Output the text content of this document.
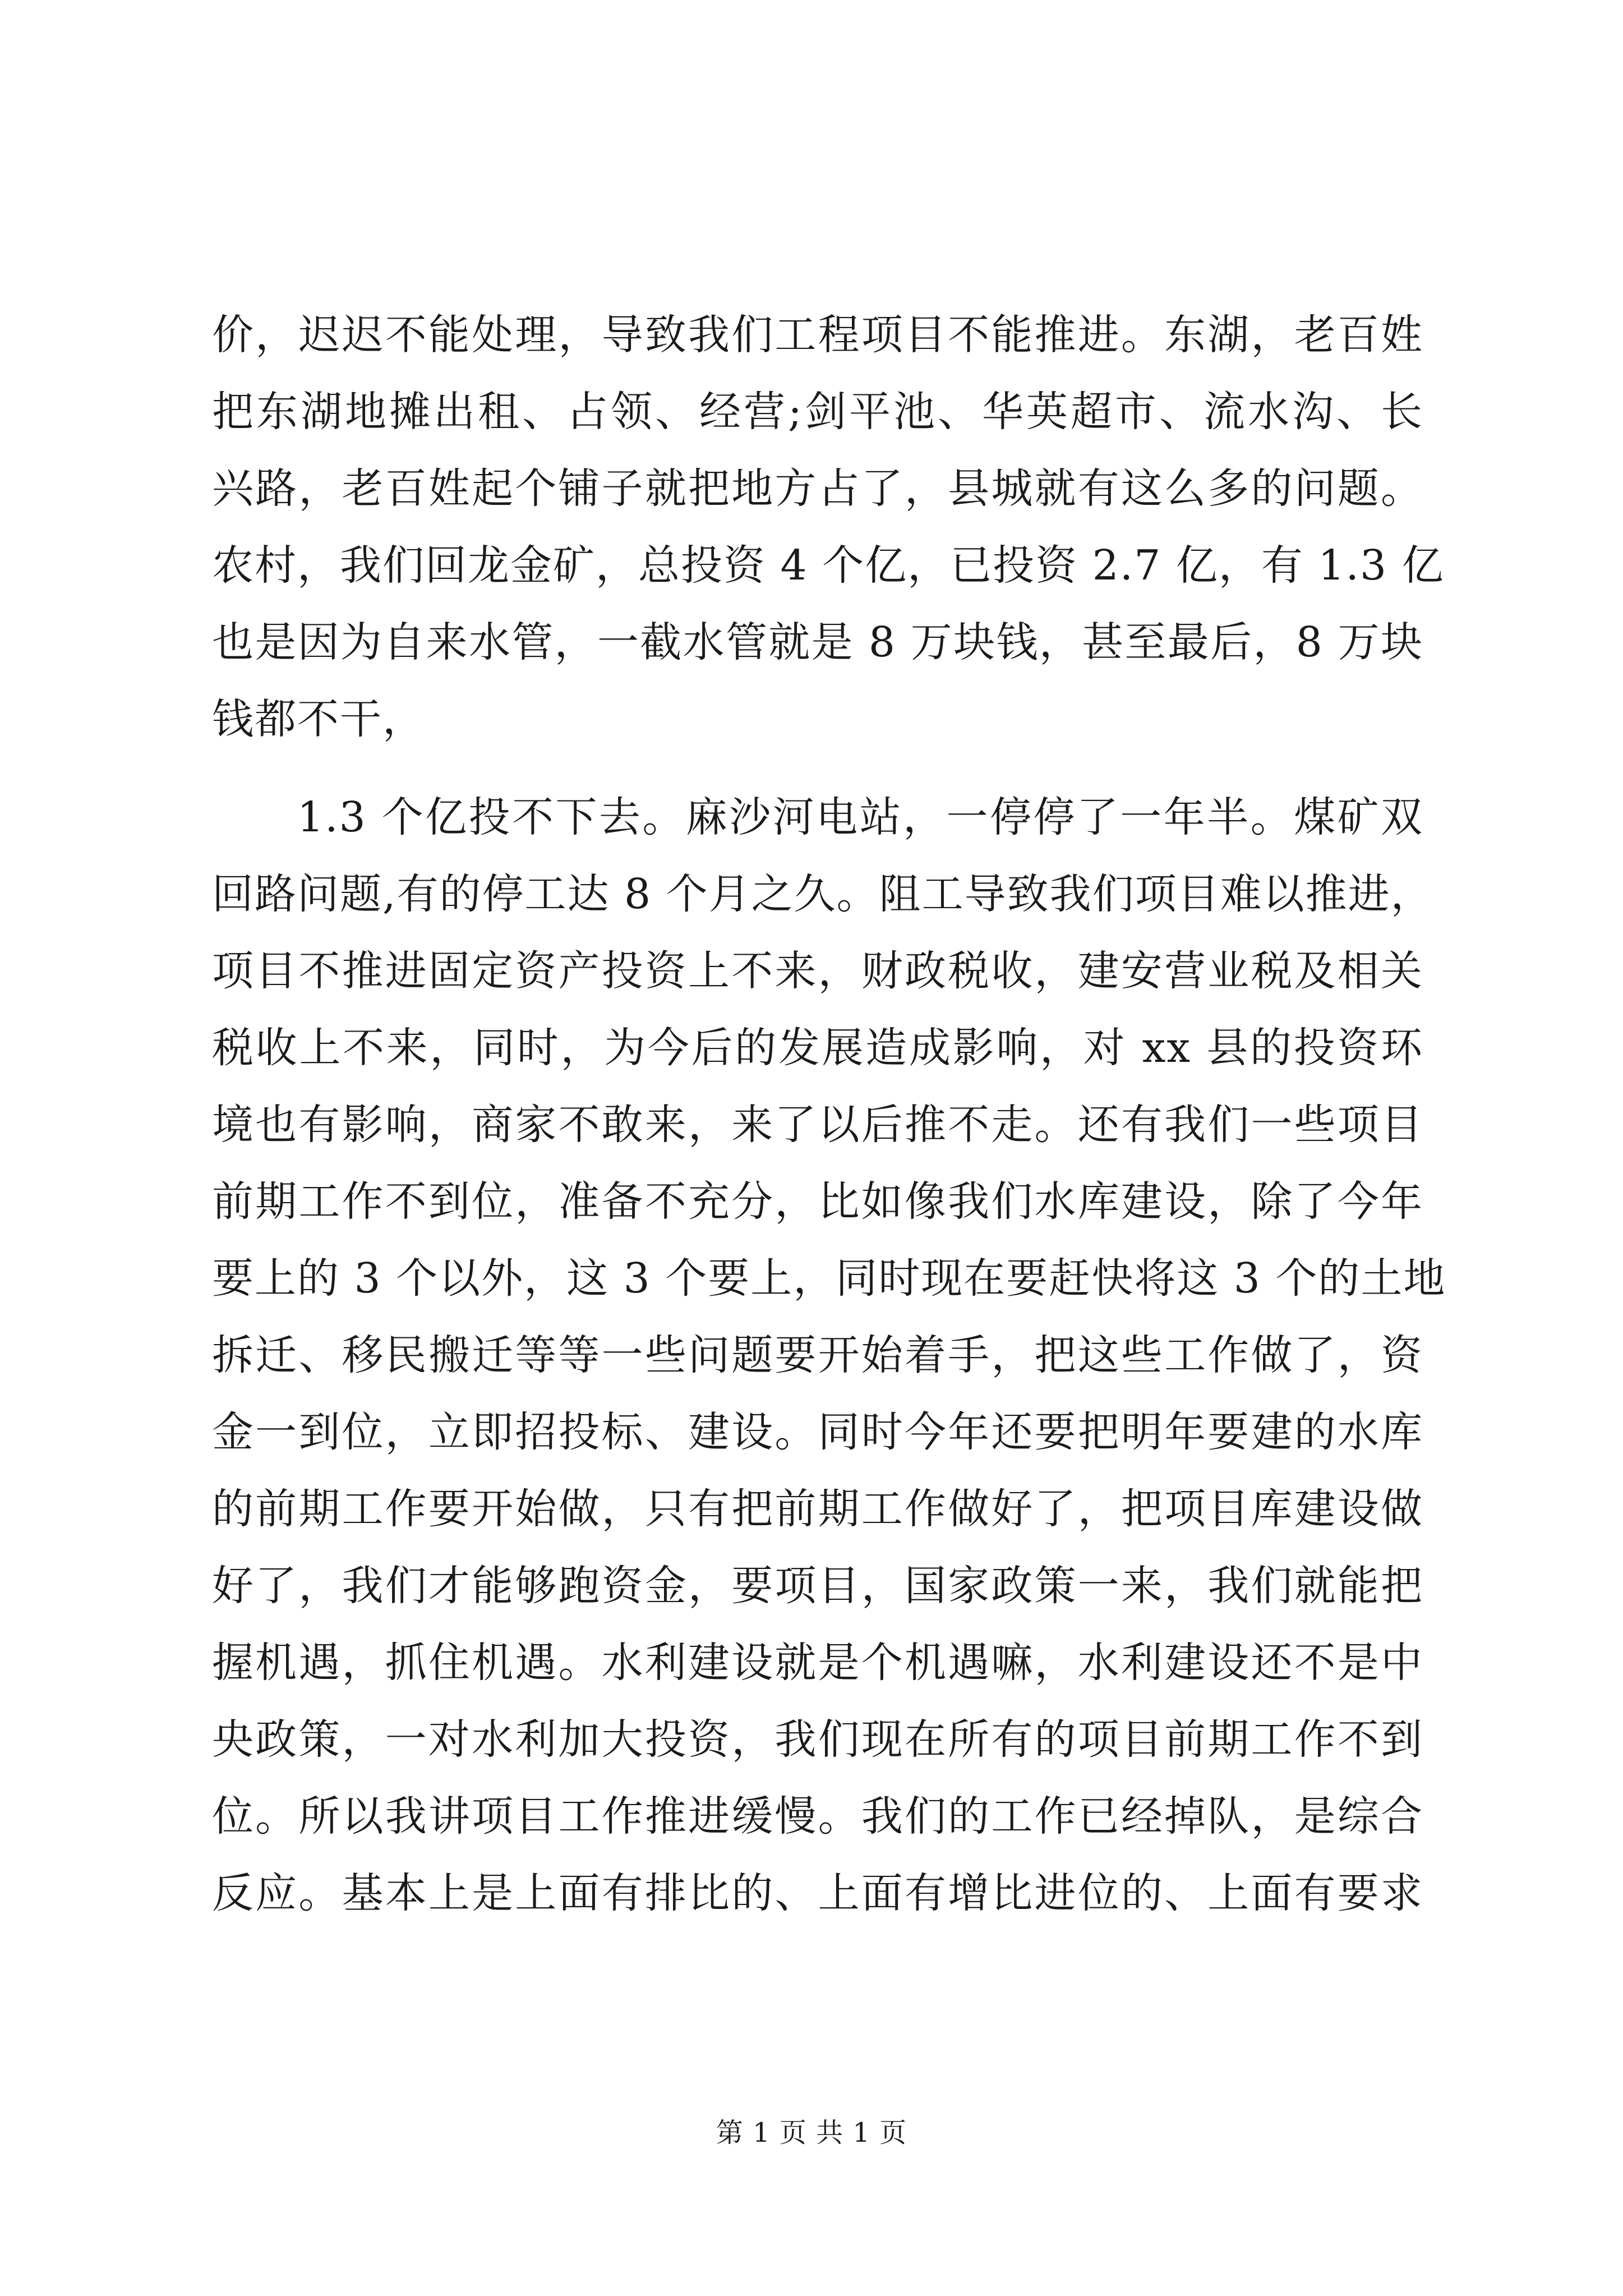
价，迟迟不能处理，导致我们工程项目不能推进。东湖，老百姓
把东湖地摊出租、占领、经营;剑平池、华英超市、流水沟、长
兴路，老百姓起个铺子就把地方占了，县城就有这么多的问题。
农村，我们回龙金矿，总投资 4 个亿，已投资 2.7 亿，有 1.3 亿
也是因为自来水管，一截水管就是 8 万块钱，甚至最后，8 万块
钱都不干，
1.3 个亿投不下去。麻沙河电站，一停停了一年半。煤矿双
回路问题,有的停工达 8 个月之久。阻工导致我们项目难以推进，
项目不推进固定资产投资上不来，财政税收，建安营业税及相关
税收上不来，同时，为今后的发展造成影响，对 xx 县的投资环
境也有影响，商家不敢来，来了以后推不走。还有我们一些项目
前期工作不到位，准备不充分，比如像我们水库建设，除了今年
要上的 3 个以外，这 3 个要上，同时现在要赶快将这 3 个的土地
拆迁、移民搬迁等等一些问题要开始着手，把这些工作做了，资
金一到位，立即招投标、建设。同时今年还要把明年要建的水库
的前期工作要开始做，只有把前期工作做好了，把项目库建设做
好了，我们才能够跑资金，要项目，国家政策一来，我们就能把
握机遇，抓住机遇。水利建设就是个机遇嘛，水利建设还不是中
央政策，一对水利加大投资，我们现在所有的项目前期工作不到
位。所以我讲项目工作推进缓慢。我们的工作已经掉队，是综合
反应。基本上是上面有排比的、上面有增比进位的、上面有要求
第 1 页 共 1 页
